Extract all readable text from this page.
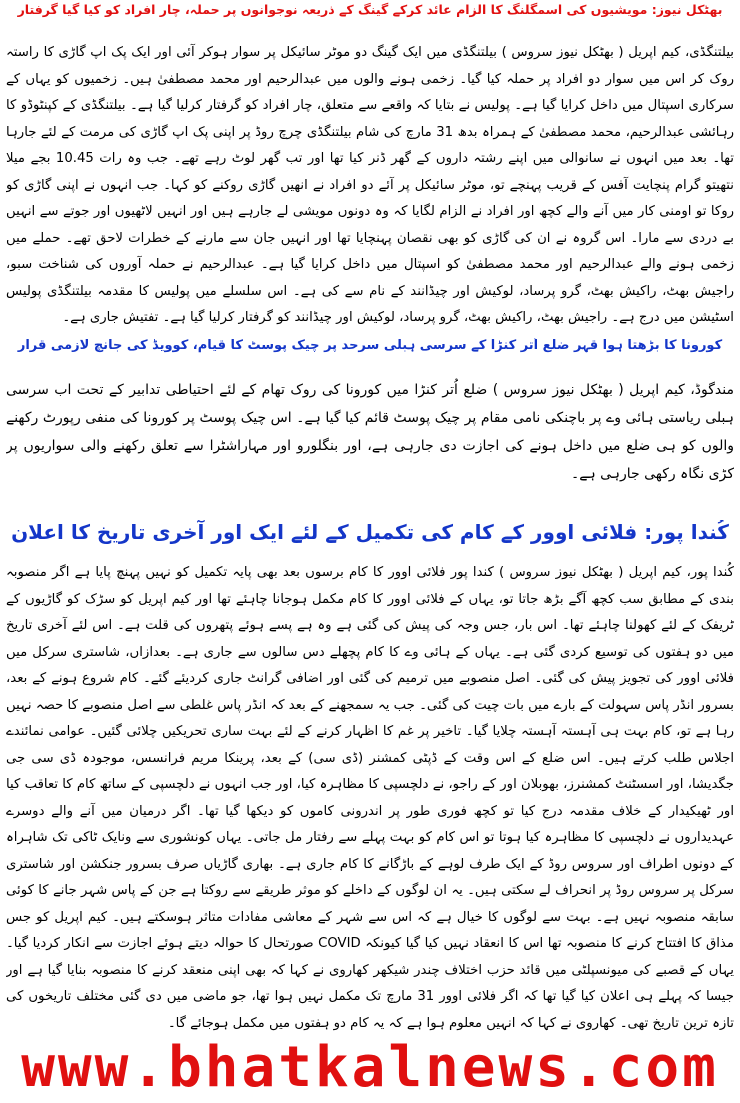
بھٹکل نیوز: مویشیوں کی اسمگلنگ کا الزام عائد کرکے گینگ کے ذریعہ نوجوانوں پر حملہ، چار افراد کو کیا گیا گرفتار
بیلتنگڈی، کیم اپریل ( بھٹکل نیوز سروس ) بیلتنگڈی میں ایک گینگ دو موٹر سائیکل پر سوار ہوکر آئی اور ایک پک اپ گاڑی کا راستہ روک کر اس میں سوار دو افراد پر حملہ کیا گیا۔ زخمی ہونے والوں میں عبدالرحیم اور محمد مصطفیٰ ہیں۔ زخمیوں کو یہاں کے سرکاری اسپتال میں داخل کرایا گیا ہے۔ پولیس نے بتایا کہ واقعے سے متعلق، چار افراد کو گرفتار کرلیا گیا ہے۔ بیلتنگڈی کے کپنٹوڈو کا رہائشی عبدالرحیم، محمد مصطفیٰ کے ہمراہ بدھ 31 مارچ کی شام بیلتنگڈی چرچ روڈ پر اپنی پک اپ گاڑی کی مرمت کے لئے جارہا تھا۔ بعد میں انہوں نے سانوالی میں اپنے رشتہ داروں کے گھر ڈنر کیا تھا اور تب گھر لوٹ رہے تھے۔ جب وہ رات 10.45 بجے میلا نتھیتو گرام پنچایت آفس کے قریب پہنچے تو، موٹر سائیکل پر آئے دو افراد نے انھیں گاڑی روکنے کو کہا۔ جب انہوں نے اپنی گاڑی کو روکا تو اومنی کار میں آنے والے کچھ اور افراد نے الزام لگایا کہ وہ دونوں مویشی لے جارہے ہیں اور انہیں لاٹھیوں اور جوتے سے انہیں بے دردی سے مارا۔ اس گروہ نے ان کی گاڑی کو بھی نقصان پہنچایا تھا اور انہیں جان سے مارنے کے خطرات لاحق تھے۔ حملے میں زخمی ہونے والے عبدالرحیم اور محمد مصطفیٰ کو اسپتال میں داخل کرایا گیا ہے۔ عبدالرحیم نے حملہ آوروں کی شناخت سبو، راجیش بھٹ، راکیش بھٹ، گرو پرساد، لوکیش اور چیڈانند کے نام سے کی ہے۔ اس سلسلے میں پولیس کا مقدمہ بیلتنگڈی پولیس اسٹیشن میں درج ہے۔ راجیش بھٹ، راکیش بھٹ، گرو پرساد، لوکیش اور چیڈانند کو گرفتار کرلیا گیا ہے۔ تفتیش جاری ہے۔
کورونا کا بڑھتا ہوا قہر ضلع اُتر کنڑا کے سرسی ہبلی سرحد پر چیک پوسٹ کا قیام، کوویڈ کی جانچ لازمی قرار
مندگوڈ، کیم اپریل ( بھٹکل نیوز سروس ) ضلع اُتر کنڑا میں کورونا کی روک تھام کے لئے احتیاطی تدابیر کے تحت اب سرسی ہبلی ریاستی ہائی وے پر باچنکی نامی مقام پر چیک پوسٹ قائم کیا گیا ہے۔ اس چیک پوسٹ پر کورونا کی منفی رپورٹ رکھنے والوں کو ہی ضلع میں داخل ہونے کی اجازت دی جارہی ہے، اور بنگلورو اور مہاراشٹرا سے تعلق رکھنے والی سواریوں پر کڑی نگاہ رکھی جارہی ہے۔
کُندا پور: فلائی اوور کے کام کی تکمیل کے لئے ایک اور آخری تاریخ کا اعلان
کُندا پور، کیم اپریل ( بھٹکل نیوز سروس ) کندا پور فلائی اوور کا کام برسوں بعد بھی پایہ تکمیل کو نہیں پہنچ پایا ہے اگر منصوبہ بندی کے مطابق سب کچھ آگے بڑھ جاتا تو، یہاں کے فلائی اوور کا کام مکمل ہوجانا چاہئے تھا اور کیم اپریل کو سڑک کو گاڑیوں کے ٹریفک کے لئے کھولنا چاہئے تھا۔ اس بار، جس وجہ کی پیش کی گئی ہے وہ ہے پسے ہوئے پتھروں کی قلت ہے۔ اس لئے آخری تاریخ میں دو ہفتوں کی توسیع کردی گئی ہے۔ یہاں کے ہائی وے کا کام پچھلے دس سالوں سے جاری ہے۔ بعدازاں، شاستری سرکل میں فلائی اوور کی تجویز پیش کی گئی۔ اصل منصوبے میں ترمیم کی گئی اور اضافی گرانٹ جاری کردیئے گئے۔ کام شروع ہونے کے بعد، بسرور انڈر پاس سہولت کے بارے میں بات چیت کی گئی۔ جب یہ سمجھنے کے بعد کہ انڈر پاس غلطی سے اصل منصوبے کا حصہ نہیں رہا ہے تو، کام بہت ہی آہستہ آہستہ چلایا گیا۔ تاخیر پر غم کا اظہار کرنے کے لئے بہت ساری تحریکیں چلائی گئیں۔ عوامی نمائندے اجلاس طلب کرتے ہیں۔ اس ضلع کے اس وقت کے ڈپٹی کمشنر (ڈی سی) کے بعد، پرینکا مریم فرانسس، موجودہ ڈی سی جی جگدیشا، اور اسسٹنٹ کمشنرز، بھوبلان اور کے راجو، نے دلچسپی کا مظاہرہ کیا، اور جب انہوں نے دلچسپی کے ساتھ کام کا تعاقب کیا اور ٹھیکیدار کے خلاف مقدمہ درج کیا تو کچھ فوری طور پر اندرونی کاموں کو دیکھا گیا تھا۔ اگر درمیان میں آنے والے دوسرے عہدیداروں نے دلچسپی کا مظاہرہ کیا ہوتا تو اس کام کو بہت پہلے سے رفتار مل جاتی۔ یہاں کونشوری سے ونایک ٹاکی تک شاہراہ کے دونوں اطراف اور سروس روڈ کے ایک طرف لوہے کے باڑگانے کا کام جاری ہے۔ بھاری گاڑیاں صرف بسرور جنکشن اور شاستری سرکل پر سروس روڈ پر انحراف لے سکتی ہیں۔ یہ ان لوگوں کے داخلے کو موثر طریقے سے روکتا ہے جن کے پاس شہر جانے کا کوئی سابقہ منصوبہ نہیں ہے۔ بہت سے لوگوں کا خیال ہے کہ اس سے شہر کے معاشی مفادات متاثر ہوسکتے ہیں۔ کیم اپریل کو جس مذاق کا افتتاح کرنے کا منصوبہ تھا اس کا انعقاد نہیں کیا گیا کیونکہ COVID صورتحال کا حوالہ دیتے ہوئے اجازت سے انکار کردیا گیا۔ یہاں کے قصبے کی میونسپلٹی میں قائد حزب اختلاف چندر شیکھر کھاروی نے کہا کہ بھی اپنی منعقد کرنے کا منصوبہ بنایا گیا ہے اور جیسا کہ پہلے ہی اعلان کیا گیا تھا کہ اگر فلائی اوور 31 مارچ تک مکمل نہیں ہوا تھا، جو ماضی میں دی گئی مختلف تاریخوں کی تازہ ترین تاریخ تھی۔ کھاروی نے کہا کہ انہیں معلوم ہوا ہے کہ یہ کام دو ہفتوں میں مکمل ہوجائے گا۔
www.bhatkalnews.com
